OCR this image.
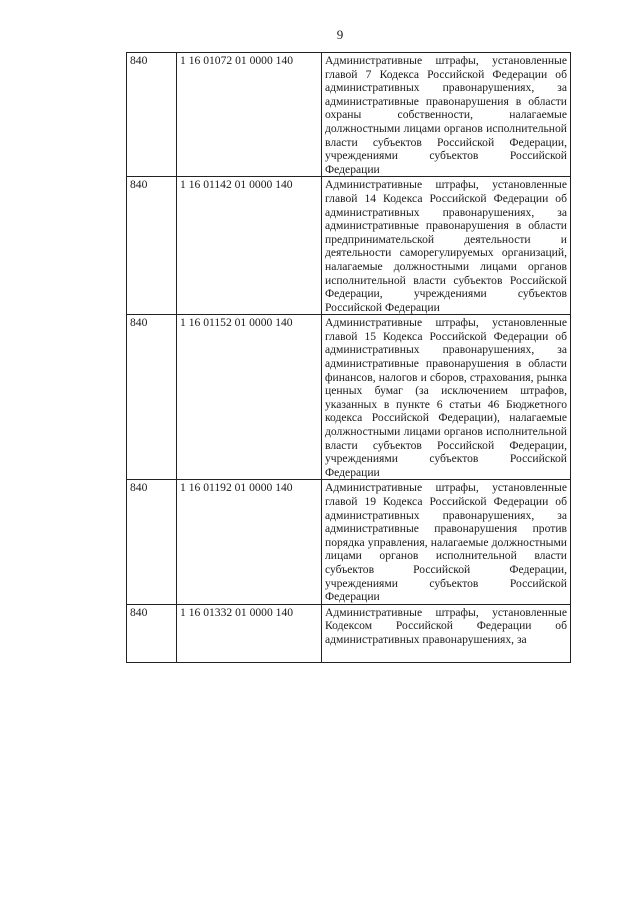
9
840	1 16 01072 01 0000 140	Административные штрафы, установленные главой 7 Кодекса Российской Федерации об административных правонарушениях, за административные правонарушения в области охраны собственности, налагаемые должностными лицами органов исполнительной власти субъектов Российской Федерации, учреждениями субъектов Российской Федерации
840	1 16 01142 01 0000 140	Административные штрафы, установленные главой 14 Кодекса Российской Федерации об административных правонарушениях, за административные правонарушения в области предпринимательской деятельности и деятельности саморегулируемых организаций, налагаемые должностными лицами органов исполнительной власти субъектов Российской Федерации, учреждениями субъектов Российской Федерации
840	1 16 01152 01 0000 140	Административные штрафы, установленные главой 15 Кодекса Российской Федерации об административных правонарушениях, за административные правонарушения в области финансов, налогов и сборов, страхования, рынка ценных бумаг (за исключением штрафов, указанных в пункте 6 статьи 46 Бюджетного кодекса Российской Федерации), налагаемые должностными лицами органов исполнительной власти субъектов Российской Федерации, учреждениями субъектов Российской Федерации
840	1 16 01192 01 0000 140	Административные штрафы, установленные главой 19 Кодекса Российской Федерации об административных правонарушениях, за административные правонарушения против порядка управления, налагаемые должностными лицами органов исполнительной власти субъектов Российской Федерации, учреждениями субъектов Российской Федерации
840	1 16 01332 01 0000 140	Административные штрафы, установленные Кодексом Российской Федерации об административных правонарушениях, за
